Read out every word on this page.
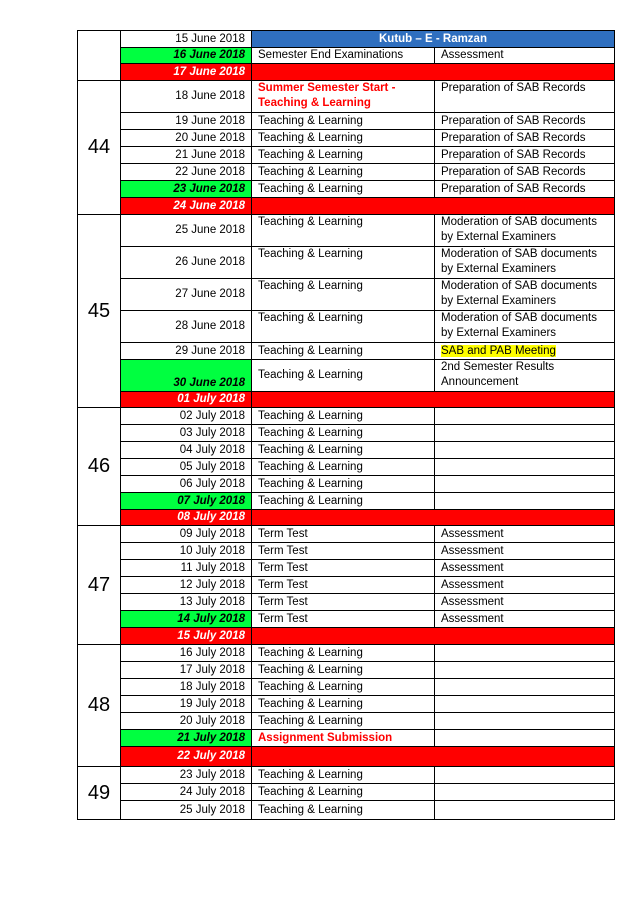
	15 June 2018	Kutub – E - Ramzan	
	16 June 2018	Semester End Examinations	Assessment
	17 June 2018		
44	18 June 2018	Summer Semester Start - Teaching & Learning	Preparation of SAB Records
	19 June 2018	Teaching & Learning	Preparation of SAB Records
	20 June 2018	Teaching & Learning	Preparation of SAB Records
	21 June 2018	Teaching & Learning	Preparation of SAB Records
	22 June 2018	Teaching & Learning	Preparation of SAB Records
	23 June 2018	Teaching & Learning	Preparation of SAB Records
	24 June 2018		
45	25 June 2018	Teaching & Learning	Moderation of SAB documents by External Examiners
	26 June 2018	Teaching & Learning	Moderation of SAB documents by External Examiners
	27 June 2018	Teaching & Learning	Moderation of SAB documents by External Examiners
	28 June 2018	Teaching & Learning	Moderation of SAB documents by External Examiners
	29 June 2018	Teaching & Learning	SAB and PAB Meeting
	30 June 2018	Teaching & Learning	2nd Semester Results Announcement
	01 July 2018		
46	02 July 2018	Teaching & Learning	
	03 July 2018	Teaching & Learning	
	04 July 2018	Teaching & Learning	
	05 July 2018	Teaching & Learning	
	06 July 2018	Teaching & Learning	
	07 July 2018	Teaching & Learning	
	08 July 2018		
47	09 July 2018	Term Test	Assessment
	10 July 2018	Term Test	Assessment
	11 July 2018	Term Test	Assessment
	12 July 2018	Term Test	Assessment
	13 July 2018	Term Test	Assessment
	14 July 2018	Term Test	Assessment
	15 July 2018		
48	16 July 2018	Teaching & Learning	
	17 July 2018	Teaching & Learning	
	18 July 2018	Teaching & Learning	
	19 July 2018	Teaching & Learning	
	20 July 2018	Teaching & Learning	
	21 July 2018	Assignment Submission	
	22 July 2018		
49	23 July 2018	Teaching & Learning	
	24 July 2018	Teaching & Learning	
	25 July 2018	Teaching & Learning	
